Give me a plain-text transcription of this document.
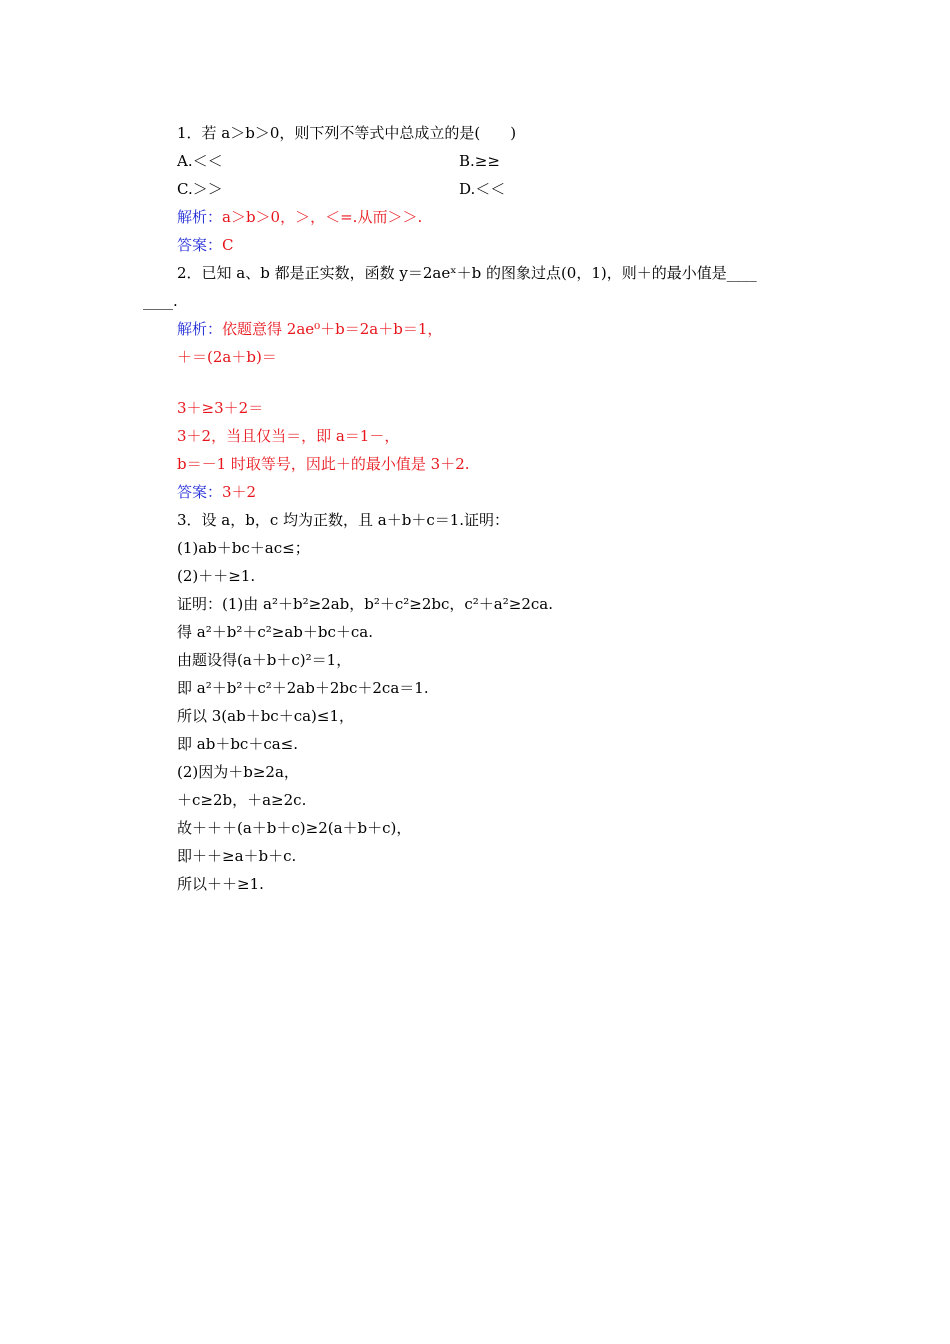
1．若 a＞b＞0，则下列不等式中总成立的是(　　)
A.＜＜	B.≥≥
C.＞＞	D.＜＜
解析：a＞b＞0，＞，＜=.从而＞＞.
答案：C
2．已知 a、b 都是正实数，函数 y＝2aeˣ＋b 的图象过点(0，1)，则＋的最小值是____
____.
解析：依题意得 2ae⁰＋b＝2a＋b＝1，
＋＝(2a＋b)＝
3＋≥3＋2＝
3＋2，当且仅当＝，即 a＝1－，
b＝－1 时取等号，因此＋的最小值是 3＋2.
答案：3＋2
3．设 a，b，c 均为正数，且 a＋b＋c＝1.证明：
(1)ab＋bc＋ac≤；
(2)＋＋≥1.
证明：(1)由 a²＋b²≥2ab，b²＋c²≥2bc，c²＋a²≥2ca.
得 a²＋b²＋c²≥ab＋bc＋ca.
由题设得(a＋b＋c)²＝1，
即 a²＋b²＋c²＋2ab＋2bc＋2ca＝1.
所以 3(ab＋bc＋ca)≤1，
即 ab＋bc＋ca≤.
(2)因为＋b≥2a，
＋c≥2b，＋a≥2c.
故＋＋＋(a＋b＋c)≥2(a＋b＋c)，
即＋＋≥a＋b＋c.
所以＋＋≥1.
